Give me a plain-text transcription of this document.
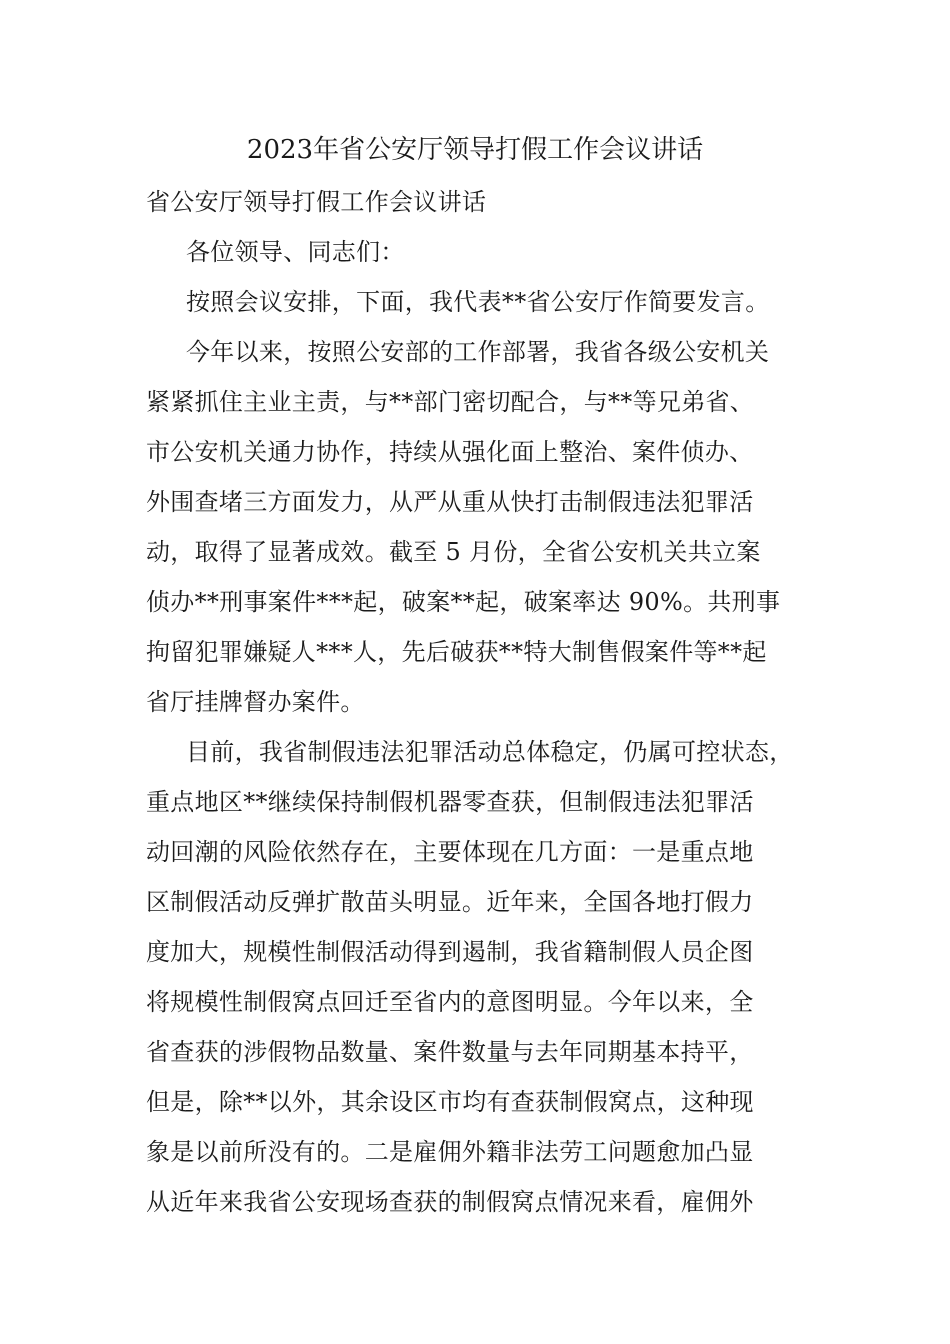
2023年省公安厅领导打假工作会议讲话
省公安厅领导打假工作会议讲话
各位领导、同志们：
按照会议安排，下面，我代表**省公安厅作简要发言。
今年以来，按照公安部的工作部署，我省各级公安机关
紧紧抓住主业主责，与**部门密切配合，与**等兄弟省、
市公安机关通力协作，持续从强化面上整治、案件侦办、
外围查堵三方面发力，从严从重从快打击制假违法犯罪活
动，取得了显著成效。截至 5 月份，全省公安机关共立案
侦办**刑事案件***起，破案**起，破案率达 90%。共刑事
拘留犯罪嫌疑人***人，先后破获**特大制售假案件等**起
省厅挂牌督办案件。
目前，我省制假违法犯罪活动总体稳定，仍属可控状态，
重点地区**继续保持制假机器零查获，但制假违法犯罪活
动回潮的风险依然存在，主要体现在几方面：一是重点地
区制假活动反弹扩散苗头明显。近年来，全国各地打假力
度加大，规模性制假活动得到遏制，我省籍制假人员企图
将规模性制假窝点回迁至省内的意图明显。今年以来，全
省查获的涉假物品数量、案件数量与去年同期基本持平，
但是，除**以外，其余设区市均有查获制假窝点，这种现
象是以前所没有的。二是雇佣外籍非法劳工问题愈加凸显
从近年来我省公安现场查获的制假窝点情况来看，雇佣外
